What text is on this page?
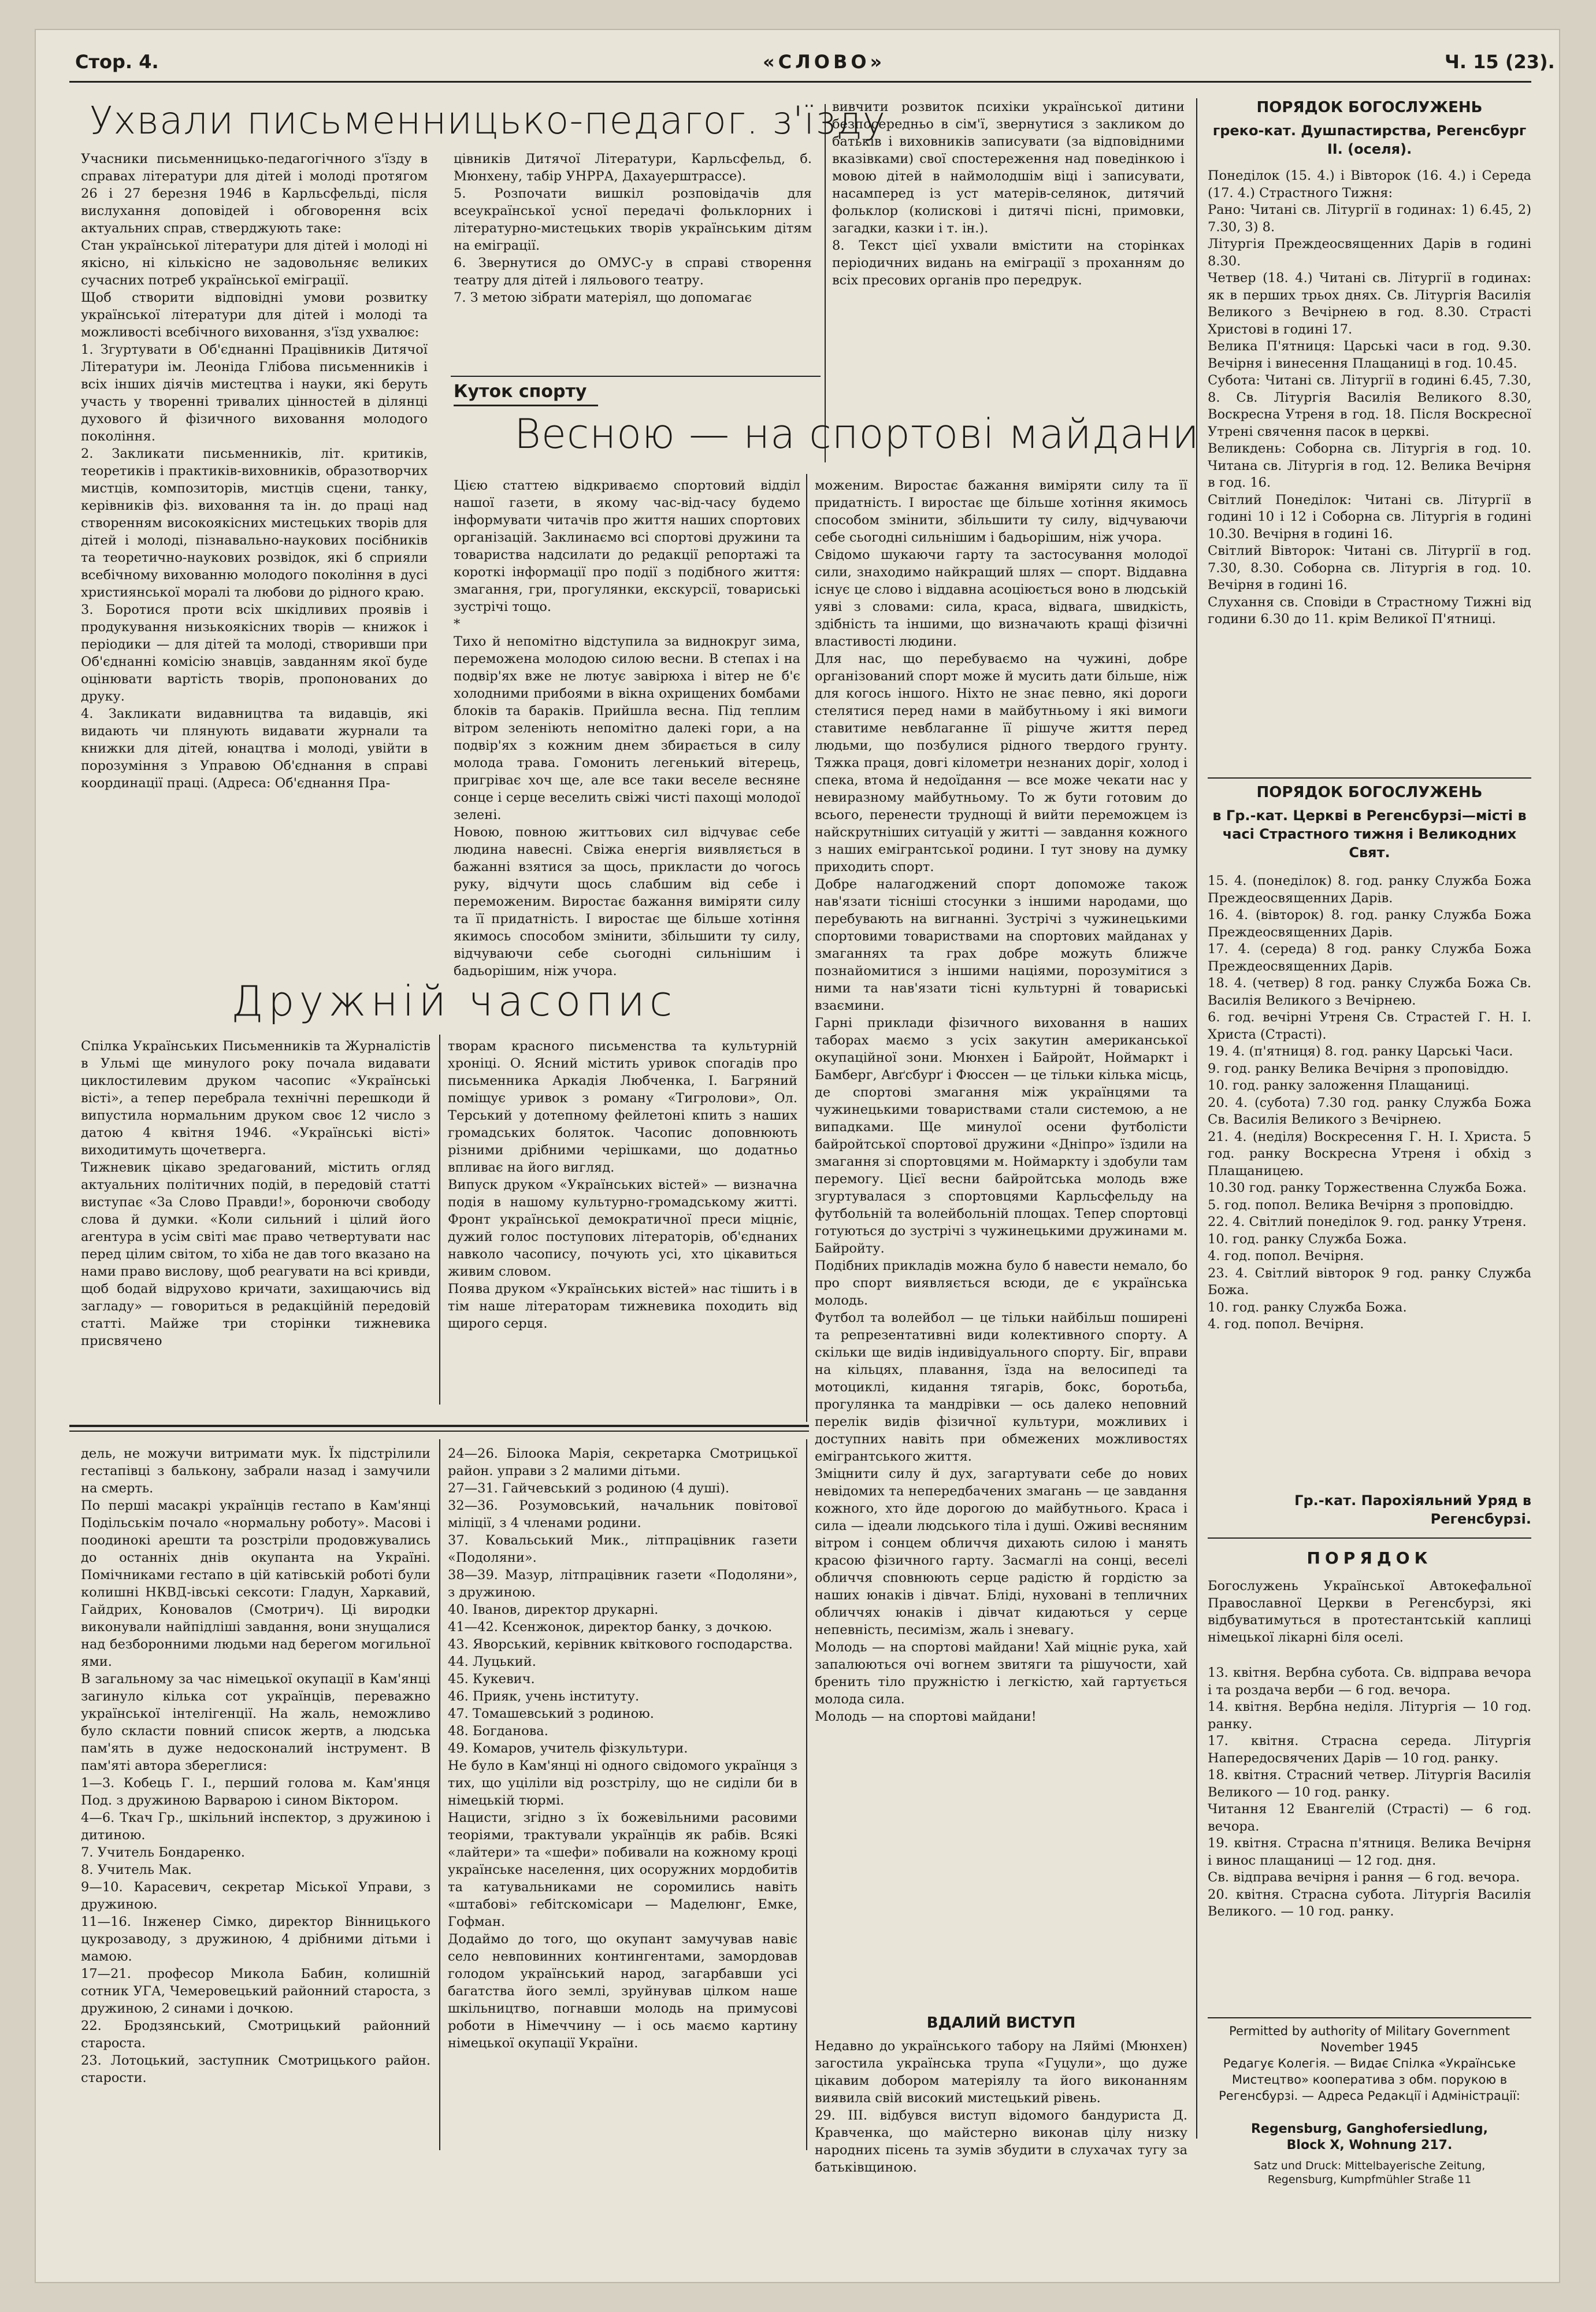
Стор. 4.	«СЛОВО»	Ч. 15 (23).
Ухвали письменницько-педагог. з'їзду
Учасники письменницько-педагогічного з'їзду в справах літератури для дітей і молоді протягом 26 і 27 березня 1946 в Карльсфельді, після вислухання доповідей і обговорення всіх актуальних справ, стверджують таке:
Стан української літератури для дітей і молоді ні якісно, ні кількісно не задовольняє великих сучасних потреб української еміграції.
Щоб створити відповідні умови розвитку української літератури для дітей і молоді та можливості всебічного виховання, з'їзд ухвалює:
1. Згуртувати в Об'єднанні Працівників Дитячої Літератури ім. Леоніда Глібова письменників і всіх інших діячів мистецтва і науки, які беруть участь у творенні тривалих цінностей в ділянці духового й фізичного виховання молодого покоління.
2. Закликати письменників, літ. критиків, теоретиків і практиків-виховників, образотворчих мистців, композиторів, мистців сцени, танку, керівників фіз. виховання та ін. до праці над створенням високоякісних мистецьких творів для дітей і молоді, пізнавально-наукових посібників та теоретично-наукових розвідок, які б сприяли всебічному вихованню молодого покоління в дусі християнської моралі та любови до рідного краю.
3. Боротися проти всіх шкідливих проявів і продукування низькоякісних творів — книжок і періодики — для дітей та молоді, створивши при Об'єднанні комісію знавців, завданням якої буде оцінювати вартість творів, пропонованих до друку.
4. Закликати видавництва та видавців, які видають чи плянують видавати журнали та книжки для дітей, юнацтва і молоді, увійти в порозуміння з Управою Об'єднання в справі координації праці. (Адреса: Об'єднання Пра-
цівників Дитячої Літератури, Карльсфельд, б. Мюнхену, табір УНРРА, Дахауерштрассе).
5. Розпочати вишкіл розповідачів для всеукраїнської усної передачі фольклорних і літературно-мистецьких творів українським дітям на еміграції.
6. Звернутися до ОМУС-у в справі створення театру для дітей і ляльового театру.
7. З метою зібрати матеріял, що допомагає
вивчити розвиток психіки української дитини безпосередньо в сім'ї, звернутися з закликом до батьків і виховників записувати (за відповідними вказівками) свої спостереження над поведінкою і мовою дітей в наймолодшім віці і записувати, насамперед із уст матерів-селянок, дитячий фольклор (колискові і дитячі пісні, примовки, загадки, казки і т. ін.).
8. Текст цієї ухвали вмістити на сторінках періодичних видань на еміграції з проханням до всіх пресових органів про передрук.
Куток спорту
Весною — на спортові майдани
Цією статтею відкриваємо спортовий відділ нашої газети, в якому час-від-часу будемо інформувати читачів про життя наших спортових організацій. Заклинаємо всі спортові дружини та товариства надсилати до редакції репортажі та короткі інформації про події з подібного життя: змагання, гри, прогулянки, екскурсії, товариські зустрічі тощо.
*
Тихо й непомітно відступила за виднокруг зима, переможена молодою силою весни. В степах і на подвір'ях вже не лютує завірюха і вітер не б'є холодними прибоями в вікна охрищених бомбами блоків та бараків. Прийшла весна. Під теплим вітром зеленіють непомітно далекі гори, а на подвір'ях з кожним днем збирається в силу молода трава. Гомонить легенький вітерець, пригріває хоч ще, але все таки веселе весняне сонце і серце веселить свіжі чисті пахощі молодої зелені.
Новою, повною життьових сил відчуває себе людина навесні. Свіжа енергія виявляється в бажанні взятися за щось, прикласти до чогось руку, відчути щось слабшим від себе і переможеним. Виростає бажання виміряти силу та її придатність. І виростає ще більше хотіння якимось способом змінити, збільшити ту силу, відчуваючи себе сьогодні сильнішим і бадьорішим, ніж учора.
моженим. Виростає бажання виміряти силу та її придатність. І виростає ще більше хотіння якимось способом змінити, збільшити ту силу, відчуваючи себе сьогодні сильнішим і бадьорішим, ніж учора.
Свідомо шукаючи гарту та застосування молодої сили, знаходимо найкращий шлях — спорт. Віддавна існує це слово і віддавна асоціюється воно в людській уяві з словами: сила, краса, відвага, швидкість, здібність та іншими, що визначають кращі фізичні властивості людини.
Для нас, що перебуваємо на чужині, добре організований спорт може й мусить дати більше, ніж для когось іншого. Ніхто не знає певно, які дороги стелятися перед нами в майбутньому і які вимоги ставитиме невблаганне її рішуче життя перед людьми, що позбулися рідного твердого грунту. Тяжка праця, довгі кілометри незнаних доріг, холод і спека, втома й недоїдання — все може чекати нас у невиразному майбутньому. То ж бути готовим до всього, перенести труднощі й вийти переможцем із найскрутніших ситуацій у житті — завдання кожного з наших емігрантської родини. І тут знову на думку приходить спорт.
Добре налагоджений спорт допоможе також нав'язати тісніші стосунки з іншими народами, що перебувають на вигнанні. Зустрічі з чужинецькими спортовими товариствами на спортових майданах у змаганнях та грах добре можуть ближче познайомитися з іншими націями, порозумітися з ними та нав'язати тісні культурні й товариські взаємини.
Гарні приклади фізичного виховання в наших таборах маємо з усіх закутин американської окупаційної зони. Мюнхен і Байройт, Ноймаркт і Бамберг, Авґсбурґ і Фюссен — це тільки кілька місць, де спортові змагання між українцями та чужинецькими товариствами стали системою, а не випадками. Ще минулої осени футболісти байройтської спортової дружини «Дніпро» їздили на змагання зі спортовцями м. Ноймаркту і здобули там перемогу. Цієї весни байройтська молодь вже згуртувалася з спортовцями Карльсфельду на футбольній та волейбольній площах. Тепер спортовці готуються до зустрічі з чужинецькими дружинами м. Байройту.
Подібних прикладів можна було б навести немало, бо про спорт виявляється всюди, де є українська молодь.
Футбол та волейбол — це тільки найбільш поширені та репрезентативні види колективного спорту. А скільки ще видів індивідуального спорту. Біг, вправи на кільцях, плавання, їзда на велосипеді та мотоциклі, кидання тягарів, бокс, боротьба, прогулянка та мандрівки — ось далеко неповний перелік видів фізичної культури, можливих і доступних навіть при обмежених можливостях емігрантського життя.
Зміцнити силу й дух, загартувати себе до нових невідомих та непередбачених змагань — це завдання кожного, хто йде дорогою до майбутнього. Краса і сила — ідеали людського тіла і душі. Оживі весняним вітром і сонцем обличчя дихають силою і манять красою фізичного гарту. Засмаглі на сонці, веселі обличчя сповнюють серце радістю й гордістю за наших юнаків і дівчат. Бліді, нуховані в тепличних обличчях юнаків і дівчат кидаються у серце непевність, песимізм, жаль і зневагу.
Молодь — на спортові майдани! Хай міцніє рука, хай запалюються очі вогнем звитяги та рішучости, хай бренить тіло пружністю і легкістю, хай гартується молода сила.
Молодь — на спортові майдани!
ВДАЛИЙ ВИСТУП
Недавно до українського табору на Ляймі (Мюнхен) загостила українська трупа «Гуцули», що дуже цікавим добором матеріялу та його виконанням виявила свій високий мистецький рівень.
29. III. відбувся виступ відомого бандуриста Д. Кравченка, що майстерно виконав цілу низку народних пісень та зумів збудити в слухачах тугу за батьківщиною.
Дружній часопис
Спілка Українських Письменників та Журналістів в Ульмі ще минулого року почала видавати циклостилевим друком часопис «Українські вісті», а тепер перебрала технічні перешкоди й випустила нормальним друком своє 12 число з датою 4 квітня 1946. «Українські вісті» виходитимуть щочетверга.
Тижневик цікаво зредагований, містить огляд актуальних політичних подій, в передовій статті виступає «За Слово Правди!», боронючи свободу слова й думки. «Коли сильний і цілий його агентура в усім світі має право четвертувати нас перед цілим світом, то хіба не дав того вказано на нами право вислову, щоб реагувати на всі кривди, щоб бодай відруховo кричати, захищаючись від загладу» — говориться в редакційній передовій статті. Майже три сторінки тижневика присвячено
творам красного письменства та культурній хроніці. О. Ясний містить уривок спогадів про письменника Аркадія Любченка, І. Багряний поміщує уривок з роману «Тигролови», Ол. Терський у дотепному фейлетоні кпить з наших громадських боляток. Часопис доповнюють різними дрібними черішками, що додатньо впливає на його вигляд.
Випуск друком «Українських вістей» — визначна подія в нашому культурно-громадському житті. Фронт української демократичної преси міцніє, дужий голос поступових літераторів, об'єднаних навколо часопису, почують усі, хто цікавиться живим словом.
Поява друком «Українських вістей» нас тішить і в тім наше літераторам тижневика походить від щирого серця.
дель, не можучи витримати мук. Їх підстрілили гестапівці з бальконy, забрали назад і замучили на смерть.
По перші масакрі українців гестапо в Кам'янці Подільськім почало «нормальну роботу». Масові і поодинокі арешти та розстріли продовжувались до останніх днів окупанта на Україні. Помічниками гестапо в цій катівській роботі були колишні НКВД-івські сексоти: Гладун, Харкавий, Гайдрих, Коновалов (Смотрич). Ці виродки виконували найпідліші завдання, вони знущалися над безборонними людьми над берегом могильної ями.
В загальному за час німецької окупації в Кам'янці загинуло кілька сот українців, переважно української інтелігенції. На жаль, неможливо було скласти повний список жертв, а людська пам'ять в дуже недосконалий інструмент. В пам'яті автора збереглися:
1—3. Кобець Г. І., перший голова м. Кам'янця Под. з дружиною Варварою і сином Віктором.
4—6. Ткач Гр., шкільний інспектор, з дружиною і дитиною.
7. Учитель Бондаренко.
8. Учитель Мак.
9—10. Карасевич, секретар Міської Управи, з дружиною.
11—16. Інженер Сімко, директор Вінницького цукрозаводу, з дружиною, 4 дрібними дітьми і мамою.
17—21. професор Микола Бабин, колишній сотник УГА, Чемеровецький районний староста, з дружиною, 2 синами і дочкою.
22. Бродзянський, Смотрицький районний староста.
23. Лотоцький, заступник Смотрицького район. старости.
24—26. Білоока Марія, секретарка Смотрицької район. управи з 2 малими дітьми.
27—31. Гайчевський з родиною (4 душі).
32—36. Розумовський, начальник повітової міліції, з 4 членами родини.
37. Ковальський Мик., літпрацівник газети «Подоляни».
38—39. Мазур, літпрацівник газети «Подоляни», з дружиною.
40. Іванов, директор друкарні.
41—42. Ксенжонок, директор банку, з дочкою.
43. Яворський, керівник квіткового господарства.
44. Луцький.
45. Кукевич.
46. Прияк, учень інституту.
47. Томашевський з родиною.
48. Богданова.
49. Комаров, учитель фізкультури.
Не було в Кам'янці ні одного свідомого українця з тих, що уціліли від розстрілу, що не сиділи би в німецькій тюрмі.
Нацисти, згідно з їх божевільними расовими теоріями, трактували українців як рабів. Всякі «лайтери» та «шефи» побивали на кожному кроці українське населення, цих осоружних мордобитів та катувальниками не соромились навіть «штабові» гебітскомісари — Маделюнг, Емке, Гофман.
Додаймо до того, що окупант замучував навіє село невповинних контингентами, замордовав голодом український народ, загарбавши усі багатства його землі, зруйнував цілком наше шкільництво, погнавши молодь на примусові роботи в Німеччину — і ось маємо картину німецької окупації України.
ПОРЯДОК БОГОСЛУЖЕНЬ
греко-кат. Душпастирства, Регенсбург II. (оселя).
Понеділок (15. 4.) і Вівторок (16. 4.) і Середа (17. 4.) Страстного Тижня:
Рано: Читані св. Літургії в годинах: 1) 6.45, 2) 7.30, 3) 8.
Літургія Преждеосвященних Дарів в годині 8.30.
Четвер (18. 4.) Читані св. Літургії в годинах: як в перших трьох днях. Св. Літургія Василія Великого з Вечірнею в год. 8.30. Страсті Христові в годині 17.
Велика П'ятниця: Царські часи в год. 9.30. Вечірня і винесення Плащаниці в год. 10.45.
Субота: Читані св. Літургії в годині 6.45, 7.30, 8. Св. Літургія Василія Великого 8.30, Воскресна Утреня в год. 18. Після Воскресної Утрені свячення пасок в церкві.
Великдень: Соборна св. Літургія в год. 10. Читана св. Літургія в год. 12. Велика Вечірня в год. 16.
Світлий Понеділок: Читані св. Літургії в годині 10 і 12 і Соборна св. Літургія в годині 10.30. Вечірня в годині 16.
Світлий Вівторок: Читані св. Літургії в год. 7.30, 8.30. Соборна св. Літургія в год. 10. Вечірня в годині 16.
Слухання св. Сповіди в Страстному Тижні від години 6.30 до 11. крім Великої П'ятниці.
ПОРЯДОК БОГОСЛУЖЕНЬ
в Гр.-кат. Церкві в Регенсбурзі—місті в часі Страстного тижня і Великодних Свят.
15. 4. (понеділок) 8. год. ранку Служба Божа Преждеосвященних Дарів.
16. 4. (вівторок) 8. год. ранку Служба Божа Преждеосвященних Дарів.
17. 4. (середа) 8 год. ранку Служба Божа Преждеосвященних Дарів.
18. 4. (четвер) 8 год. ранку Служба Божа Св. Василія Великого з Вечірнею.
6. год. вечірні Утреня Св. Страстей Г. Н. І. Христа (Страсті).
19. 4. (п'ятниця) 8. год. ранку Царські Часи.
9. год. ранку Велика Вечірня з проповіддю.
10. год. ранку заложення Плащаниці.
20. 4. (субота) 7.30 год. ранку Служба Божа Св. Василія Великого з Вечірнею.
21. 4. (неділя) Воскресення Г. Н. І. Христа. 5 год. ранку Воскресна Утреня і обхід з Плащаницею.
10.30 год. ранку Торжественна Служба Божа.
5. год. попол. Велика Вечірня з проповіддю.
22. 4. Світлий понеділок 9. год. ранку Утреня.
10. год. ранку Служба Божа.
4. год. попол. Вечірня.
23. 4. Світлий вівторок 9 год. ранку Служба Божа.
10. год. ранку Служба Божа.
4. год. попол. Вечірня.
Гр.-кат. Парохіяльний Уряд в Регенсбурзі.
ПОРЯДОК
Богослужень Української Автокефальної Православної Церкви в Регенсбурзі, які відбуватимуться в протестантській каплиці німецької лікарні біля оселі.
13. квітня. Вербна субота. Св. відправа вечора і та роздача верби — 6 год. вечора.
14. квітня. Вербна неділя. Літургія — 10 год. ранку.
17. квітня. Страсна середа. Літургія Напередосвячених Дарів — 10 год. ранку.
18. квітня. Страсний четвер. Літургія Василія Великого — 10 год. ранку.
Читання 12 Евангелій (Страсті) — 6 год. вечора.
19. квітня. Страсна п'ятниця. Велика Вечірня і винос плащаниці — 12 год. дня.
Св. відправа вечірня і рання — 6 год. вечора.
20. квітня. Страсна субота. Літургія Василія Великого. — 10 год. ранку.
Permitted by authority of Military Government
November 1945
Редагує Колегія. — Видає Спілка «Українське Мистецтво» кооператива з обм. порукою в Регенсбурзі. — Адреса Редакції і Адміністрації:
Regensburg, Ganghofersiedlung,
Block X, Wohnung 217.
Satz und Druck: Mittelbayerische Zeitung,
Regensburg, Kumpfmühler Straße 11
